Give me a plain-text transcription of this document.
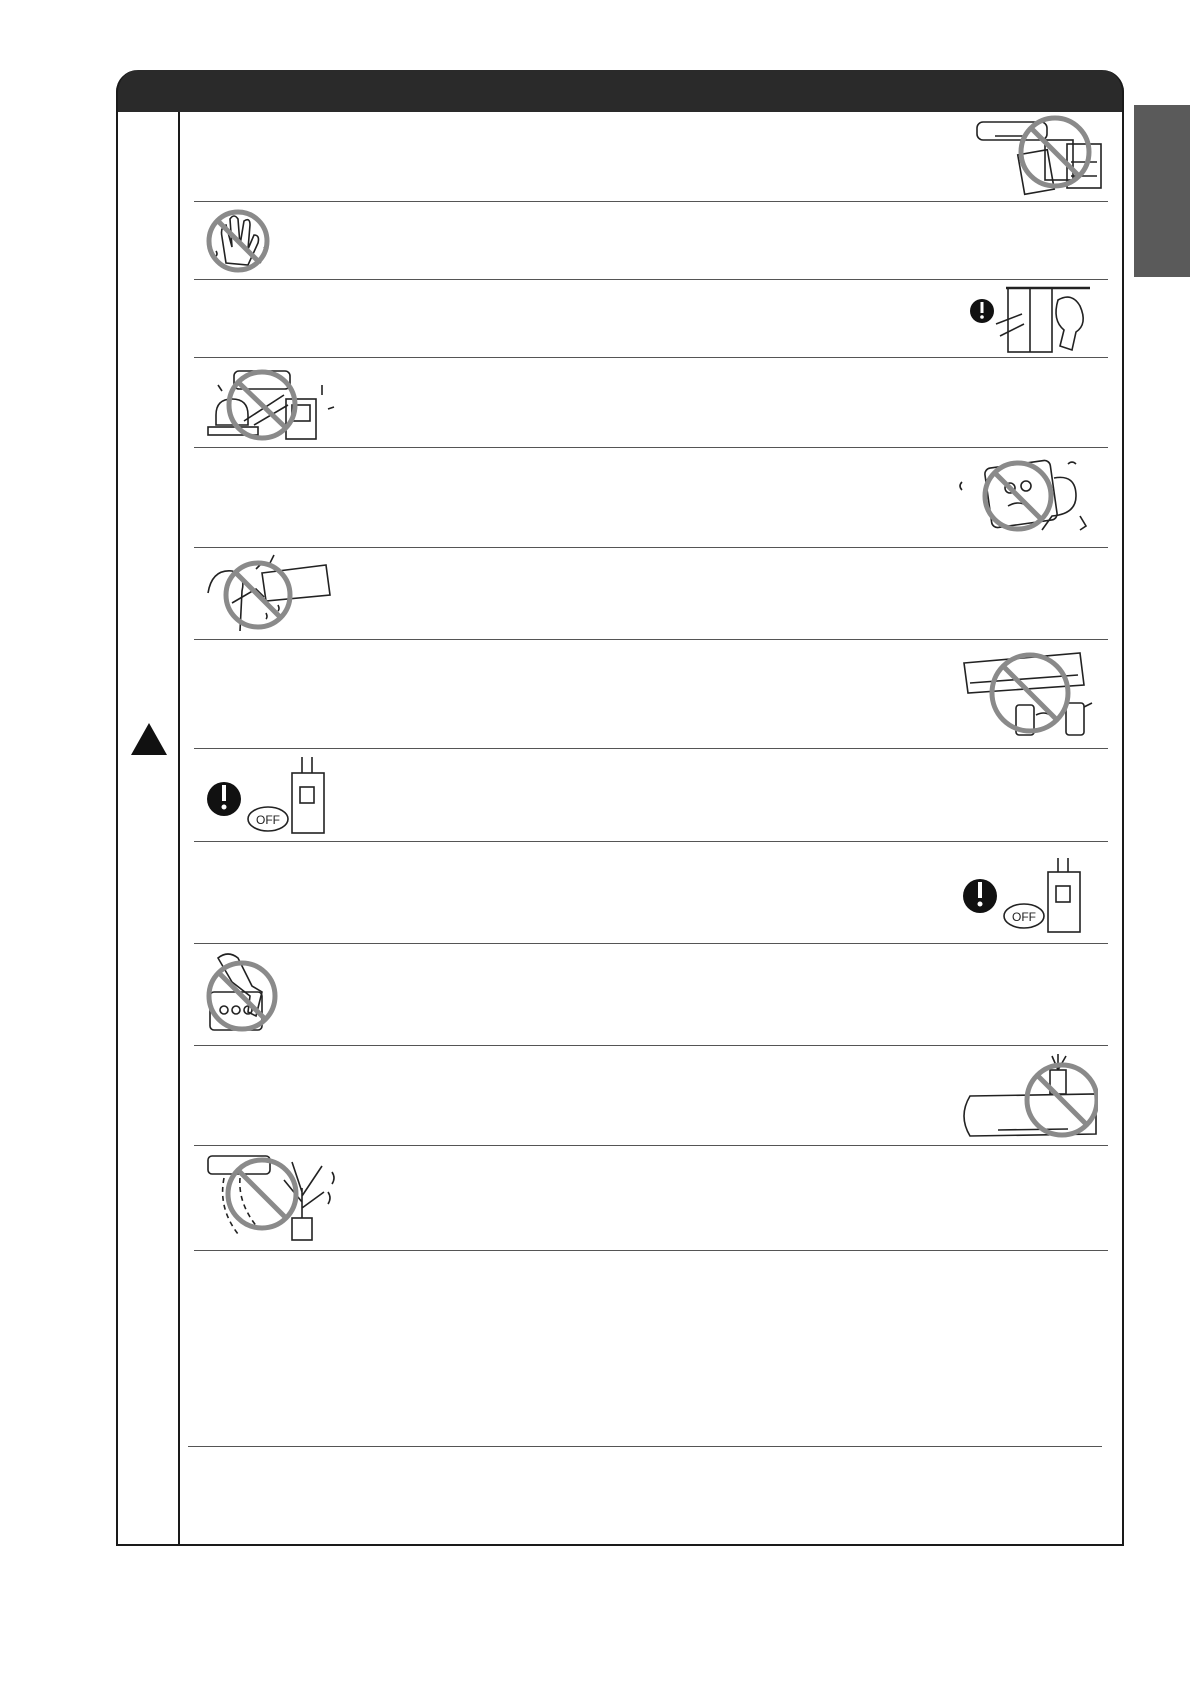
OFF
OFF
